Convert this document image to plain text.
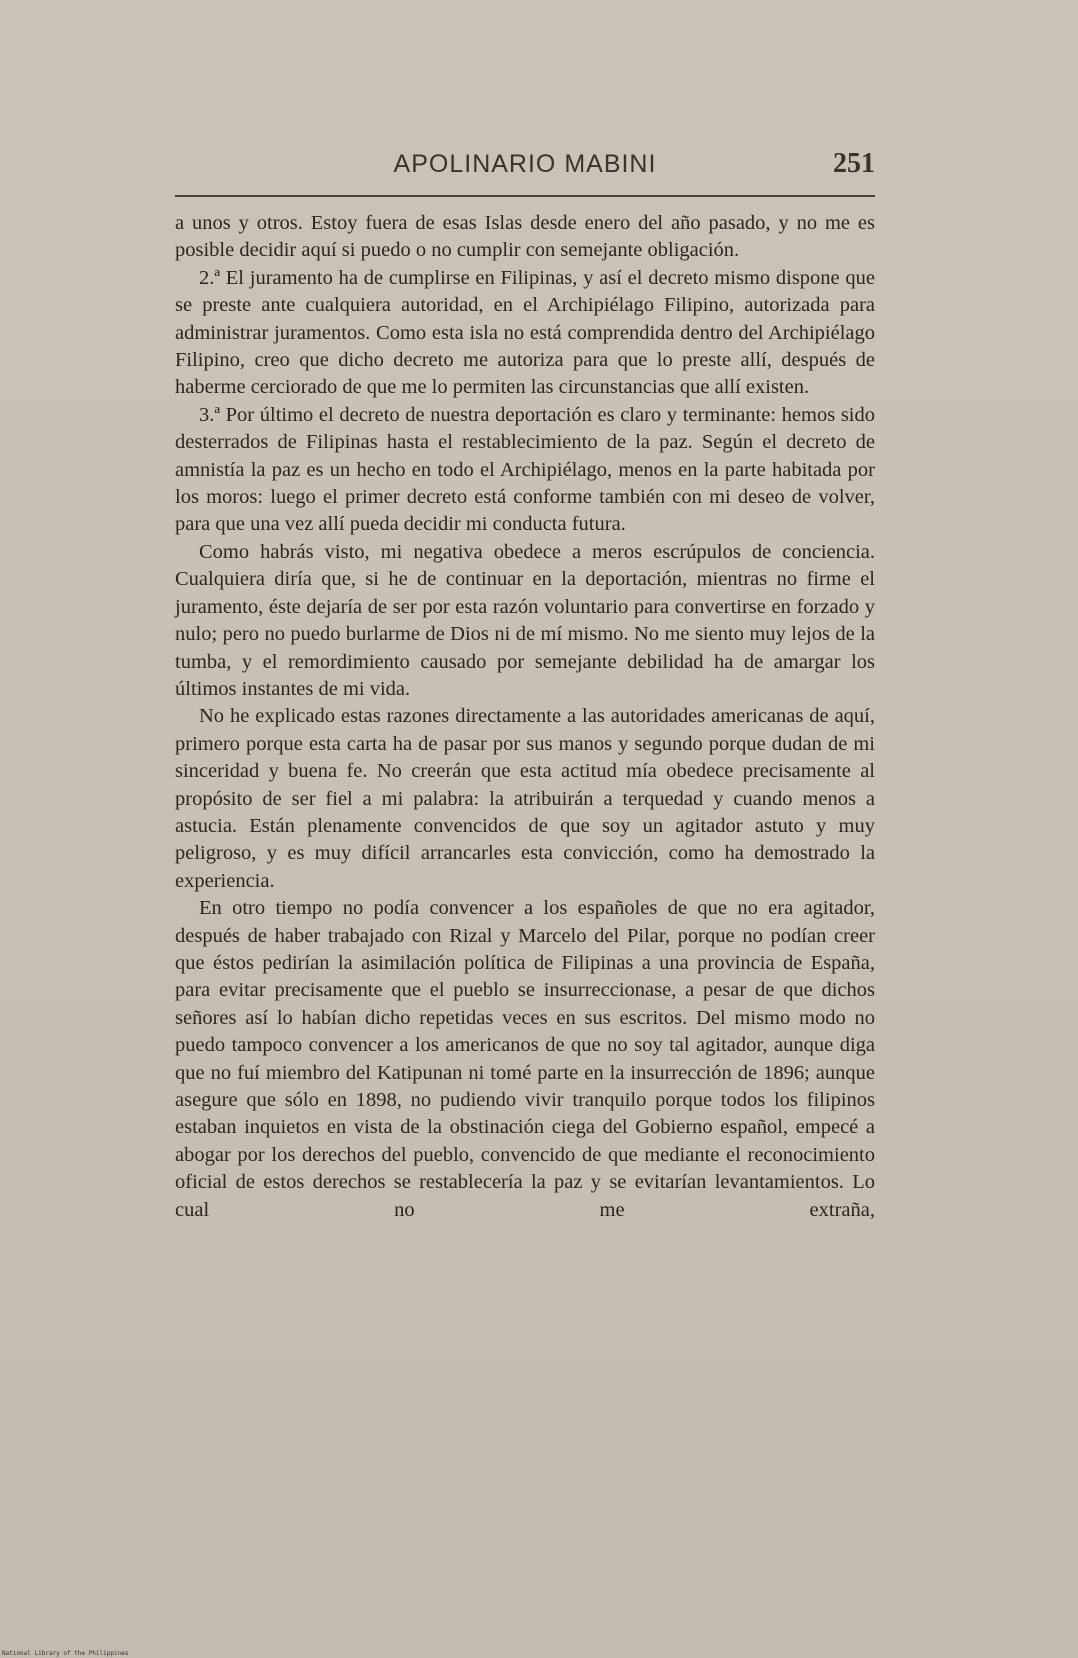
APOLINARIO MABINI	251

a unos y otros. Estoy fuera de esas Islas desde enero del año pasado, y no me es posible decidir aquí si puedo o no cumplir con semejante obligación.

2.ª El juramento ha de cumplirse en Filipinas, y así el decreto mismo dispone que se preste ante cualquiera autoridad, en el Archipiélago Filipino, autorizada para administrar juramentos. Como esta isla no está comprendida dentro del Archipiélago Filipino, creo que dicho decreto me autoriza para que lo preste allí, después de haberme cerciorado de que me lo permiten las circunstancias que allí existen.

3.ª Por último el decreto de nuestra deportación es claro y terminante: hemos sido desterrados de Filipinas hasta el restablecimiento de la paz. Según el decreto de amnistía la paz es un hecho en todo el Archipiélago, menos en la parte habitada por los moros: luego el primer decreto está conforme también con mi deseo de volver, para que una vez allí pueda decidir mi conducta futura.

Como habrás visto, mi negativa obedece a meros escrúpulos de conciencia. Cualquiera diría que, si he de continuar en la deportación, mientras no firme el juramento, éste dejaría de ser por esta razón voluntario para convertirse en forzado y nulo; pero no puedo burlarme de Dios ni de mí mismo. No me siento muy lejos de la tumba, y el remordimiento causado por semejante debilidad ha de amargar los últimos instantes de mi vida.

No he explicado estas razones directamente a las autoridades americanas de aquí, primero porque esta carta ha de pasar por sus manos y segundo porque dudan de mi sinceridad y buena fe. No creerán que esta actitud mía obedece precisamente al propósito de ser fiel a mi palabra: la atribuirán a terquedad y cuando menos a astucia. Están plenamente convencidos de que soy un agitador astuto y muy peligroso, y es muy difícil arrancarles esta convicción, como ha demostrado la experiencia.

En otro tiempo no podía convencer a los españoles de que no era agitador, después de haber trabajado con Rizal y Marcelo del Pilar, porque no podían creer que éstos pedirían la asimilación política de Filipinas a una provincia de España, para evitar precisamente que el pueblo se insurreccionase, a pesar de que dichos señores así lo habían dicho repetidas veces en sus escritos. Del mismo modo no puedo tampoco convencer a los americanos de que no soy tal agitador, aunque diga que no fuí miembro del Katipunan ni tomé parte en la insurrección de 1896; aunque asegure que sólo en 1898, no pudiendo vivir tranquilo porque todos los filipinos estaban inquietos en vista de la obstinación ciega del Gobierno español, empecé a abogar por los derechos del pueblo, convencido de que mediante el reconocimiento oficial de estos derechos se restablecería la paz y se evitarían levantamientos. Lo cual no me extraña,

National Library of the Philippines
